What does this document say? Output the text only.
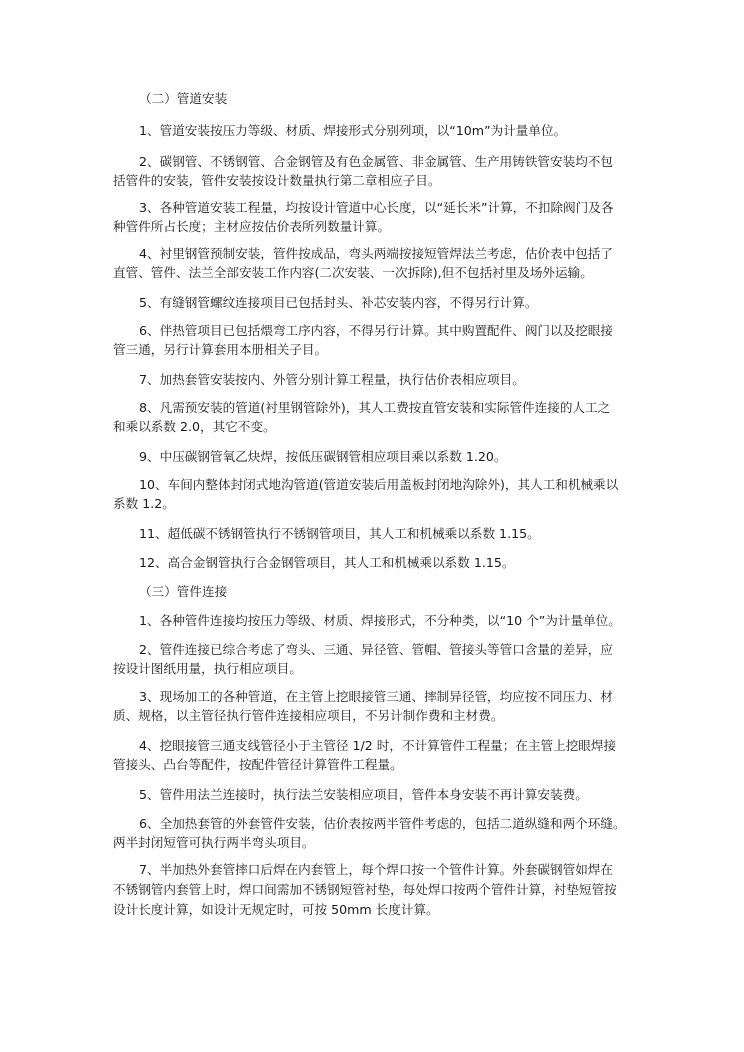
（二）管道安装
1、管道安装按压力等级、材质、焊接形式分别列项，以“10m”为计量单位。
2、碳钢管、不锈钢管、合金钢管及有色金属管、非金属管、生产用铸铁管安装均不包
括管件的安装，管件安装按设计数量执行第二章相应子目。
3、各种管道安装工程量，均按设计管道中心长度，以“延长米”计算，不扣除阀门及各
种管件所占长度；主材应按估价表所列数量计算。
4、衬里钢管预制安装，管件按成品，弯头两端按接短管焊法兰考虑，估价表中包括了
直管、管件、法兰全部安装工作内容(二次安装、一次拆除),但不包括衬里及场外运输。
5、有缝钢管螺纹连接项目已包括封头、补芯安装内容，不得另行计算。
6、伴热管项目已包括煨弯工序内容，不得另行计算。其中购置配件、阀门以及挖眼接
管三通，另行计算套用本册相关子目。
7、加热套管安装按内、外管分别计算工程量，执行估价表相应项目。
8、凡需预安装的管道(衬里钢管除外)，其人工费按直管安装和实际管件连接的人工之
和乘以系数 2.0，其它不变。
9、中压碳钢管氧乙炔焊，按低压碳钢管相应项目乘以系数 1.20。
10、车间内整体封闭式地沟管道(管道安装后用盖板封闭地沟除外)，其人工和机械乘以
系数 1.2。
11、超低碳不锈钢管执行不锈钢管项目，其人工和机械乘以系数 1.15。
12、高合金钢管执行合金钢管项目，其人工和机械乘以系数 1.15。
（三）管件连接
1、各种管件连接均按压力等级、材质、焊接形式，不分种类，以“10 个”为计量单位。
2、管件连接已综合考虑了弯头、三通、异径管、管帽、管接头等管口含量的差异，应
按设计图纸用量，执行相应项目。
3、现场加工的各种管道，在主管上挖眼接管三通、摔制异径管，均应按不同压力、材
质、规格，以主管径执行管件连接相应项目，不另计制作费和主材费。
4、挖眼接管三通支线管径小于主管径 1/2 时，不计算管件工程量；在主管上挖眼焊接
管接头、凸台等配件，按配件管径计算管件工程量。
5、管件用法兰连接时，执行法兰安装相应项目，管件本身安装不再计算安装费。
6、全加热套管的外套管件安装，估价表按两半管件考虑的，包括二道纵缝和两个环缝。
两半封闭短管可执行两半弯头项目。
7、半加热外套管摔口后焊在内套管上，每个焊口按一个管件计算。外套碳钢管如焊在
不锈钢管内套管上时，焊口间需加不锈钢短管衬垫，每处焊口按两个管件计算，衬垫短管按
设计长度计算，如设计无规定时，可按 50mm 长度计算。
